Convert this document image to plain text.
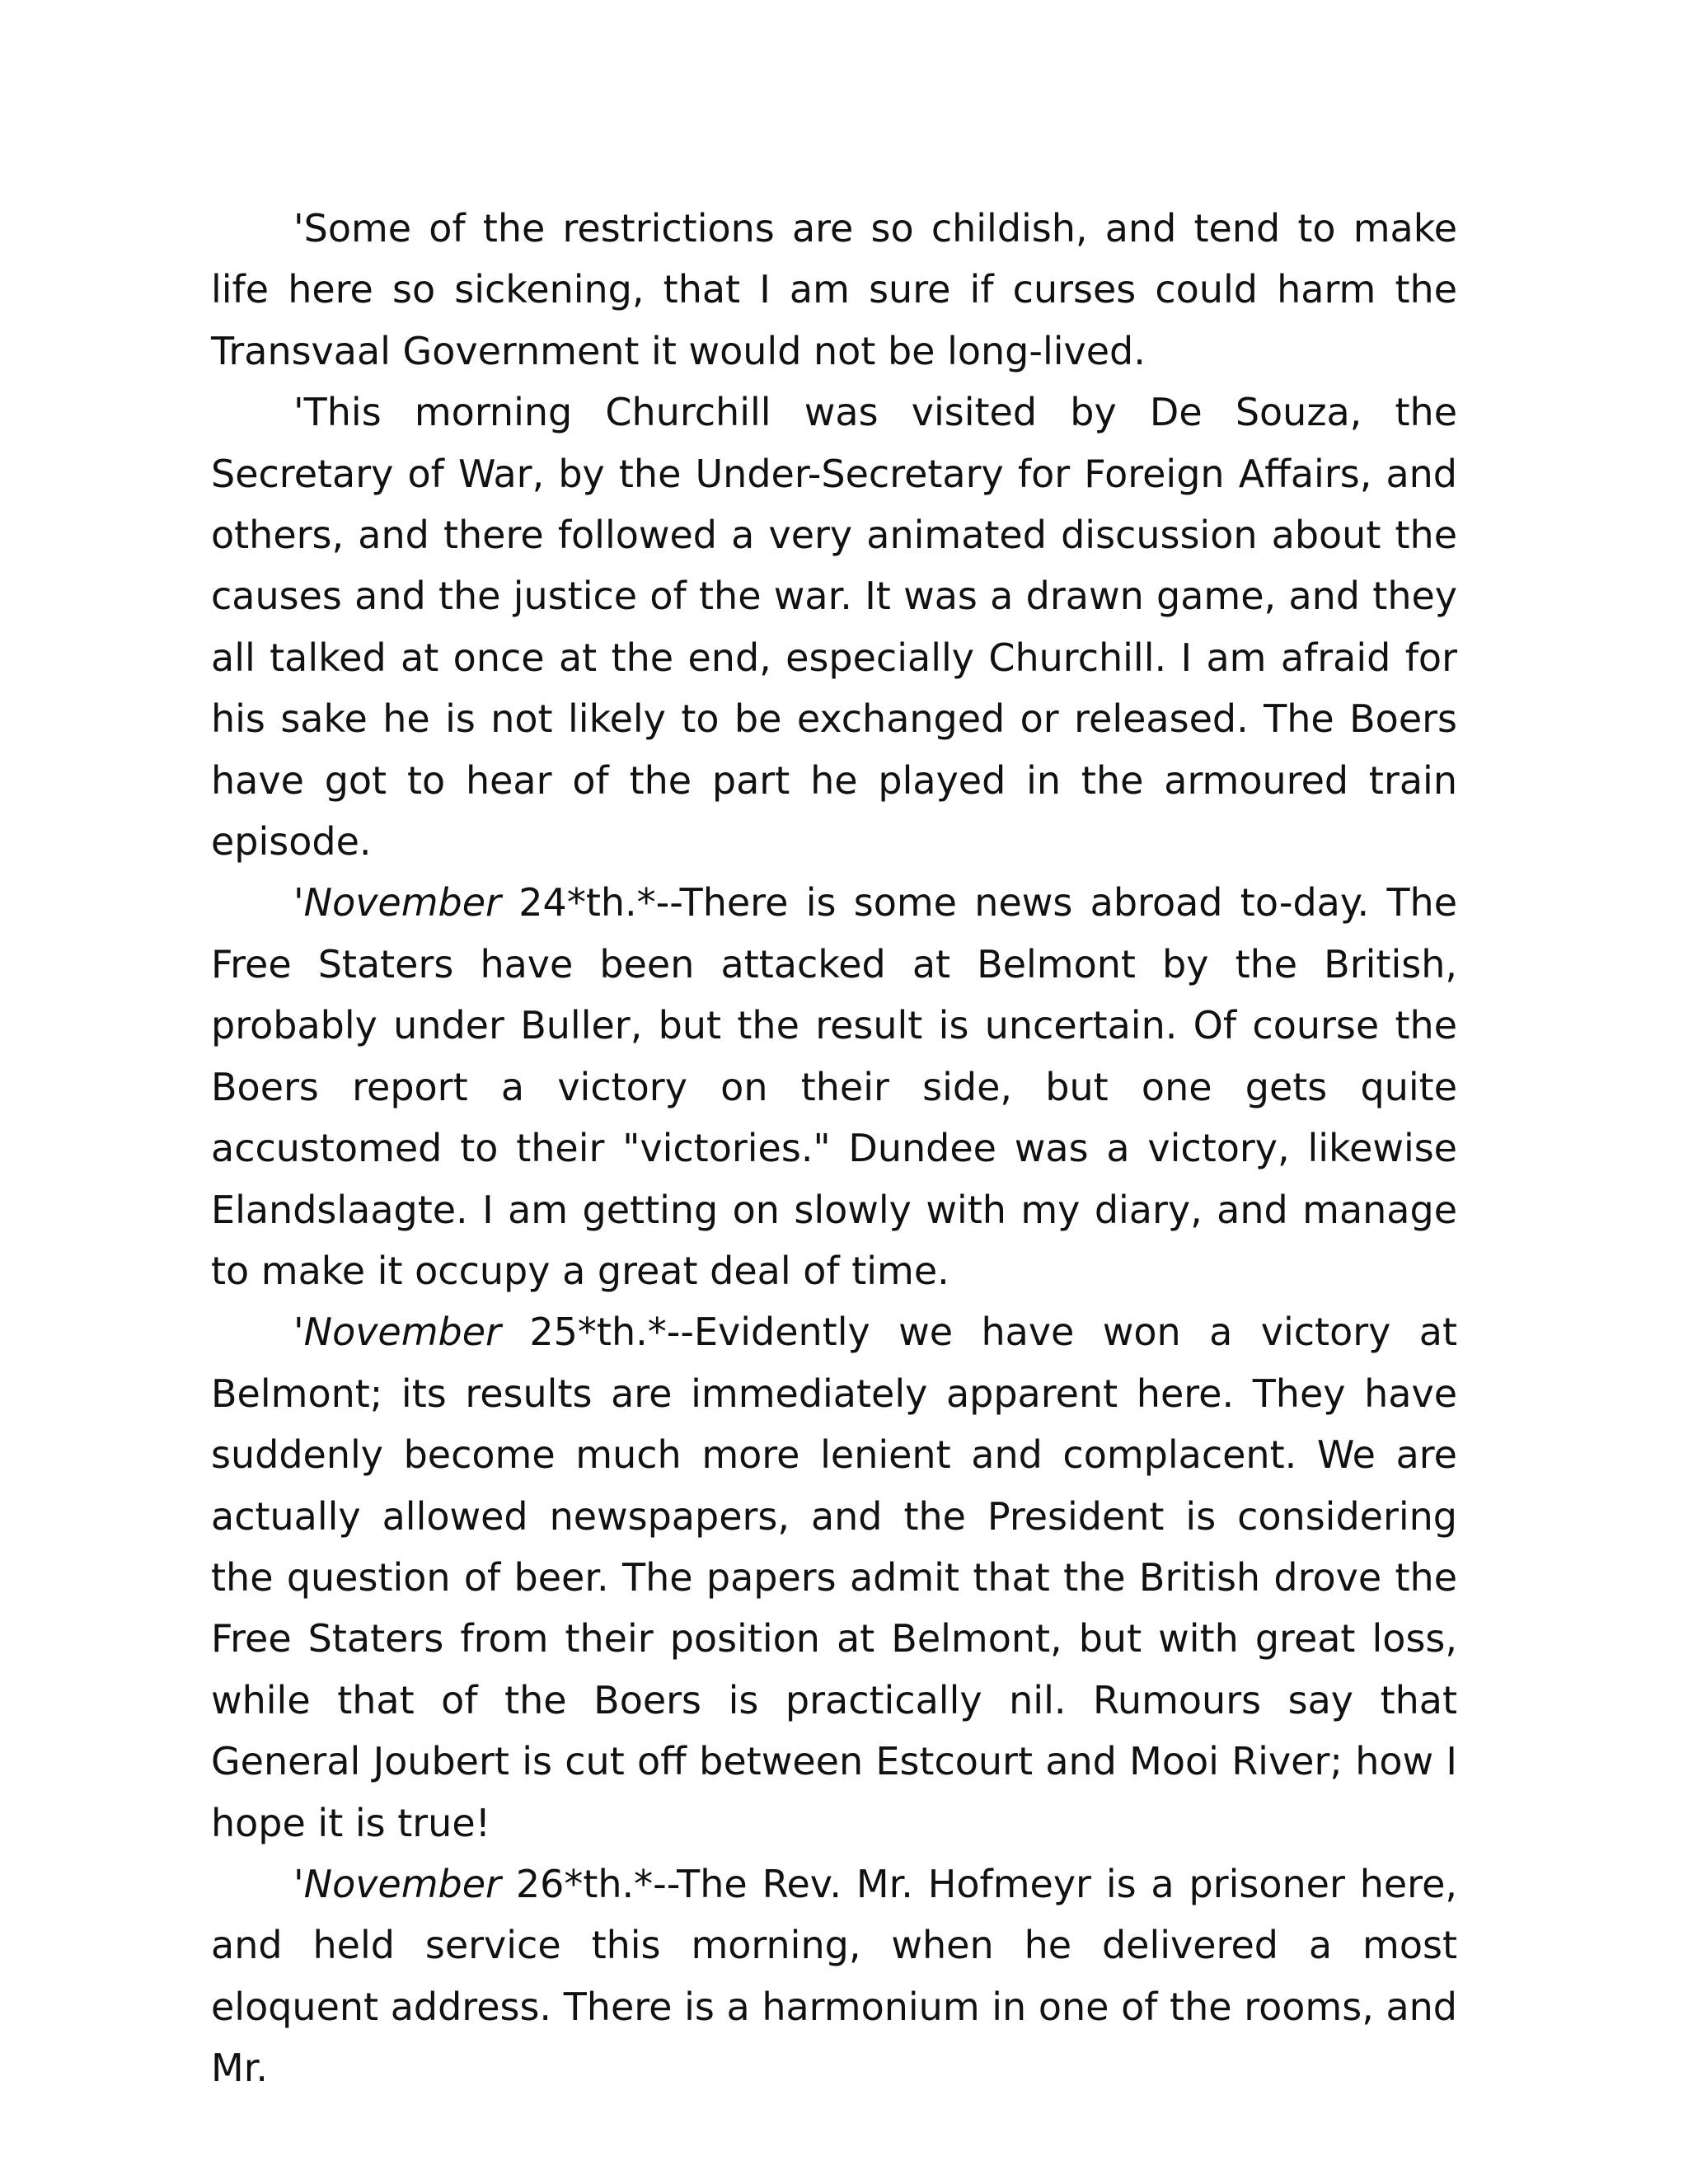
'Some of the restrictions are so childish, and tend to make life here so sickening, that I am sure if curses could harm the Transvaal Government it would not be long-lived.

'This morning Churchill was visited by De Souza, the Secretary of War, by the Under-Secretary for Foreign Affairs, and others, and there followed a very animated discussion about the causes and the justice of the war. It was a drawn game, and they all talked at once at the end, especially Churchill. I am afraid for his sake he is not likely to be exchanged or released. The Boers have got to hear of the part he played in the armoured train episode.

'November 24*th.*--There is some news abroad to-day. The Free Staters have been attacked at Belmont by the British, probably under Buller, but the result is uncertain. Of course the Boers report a victory on their side, but one gets quite accustomed to their "victories." Dundee was a victory, likewise Elandslaagte. I am getting on slowly with my diary, and manage to make it occupy a great deal of time.

'November 25*th.*--Evidently we have won a victory at Belmont; its results are immediately apparent here. They have suddenly become much more lenient and complacent. We are actually allowed newspapers, and the President is considering the question of beer. The papers admit that the British drove the Free Staters from their position at Belmont, but with great loss, while that of the Boers is practically nil. Rumours say that General Joubert is cut off between Estcourt and Mooi River; how I hope it is true!

'November 26*th.*--The Rev. Mr. Hofmeyr is a prisoner here, and held service this morning, when he delivered a most eloquent address. There is a harmonium in one of the rooms, and Mr.
